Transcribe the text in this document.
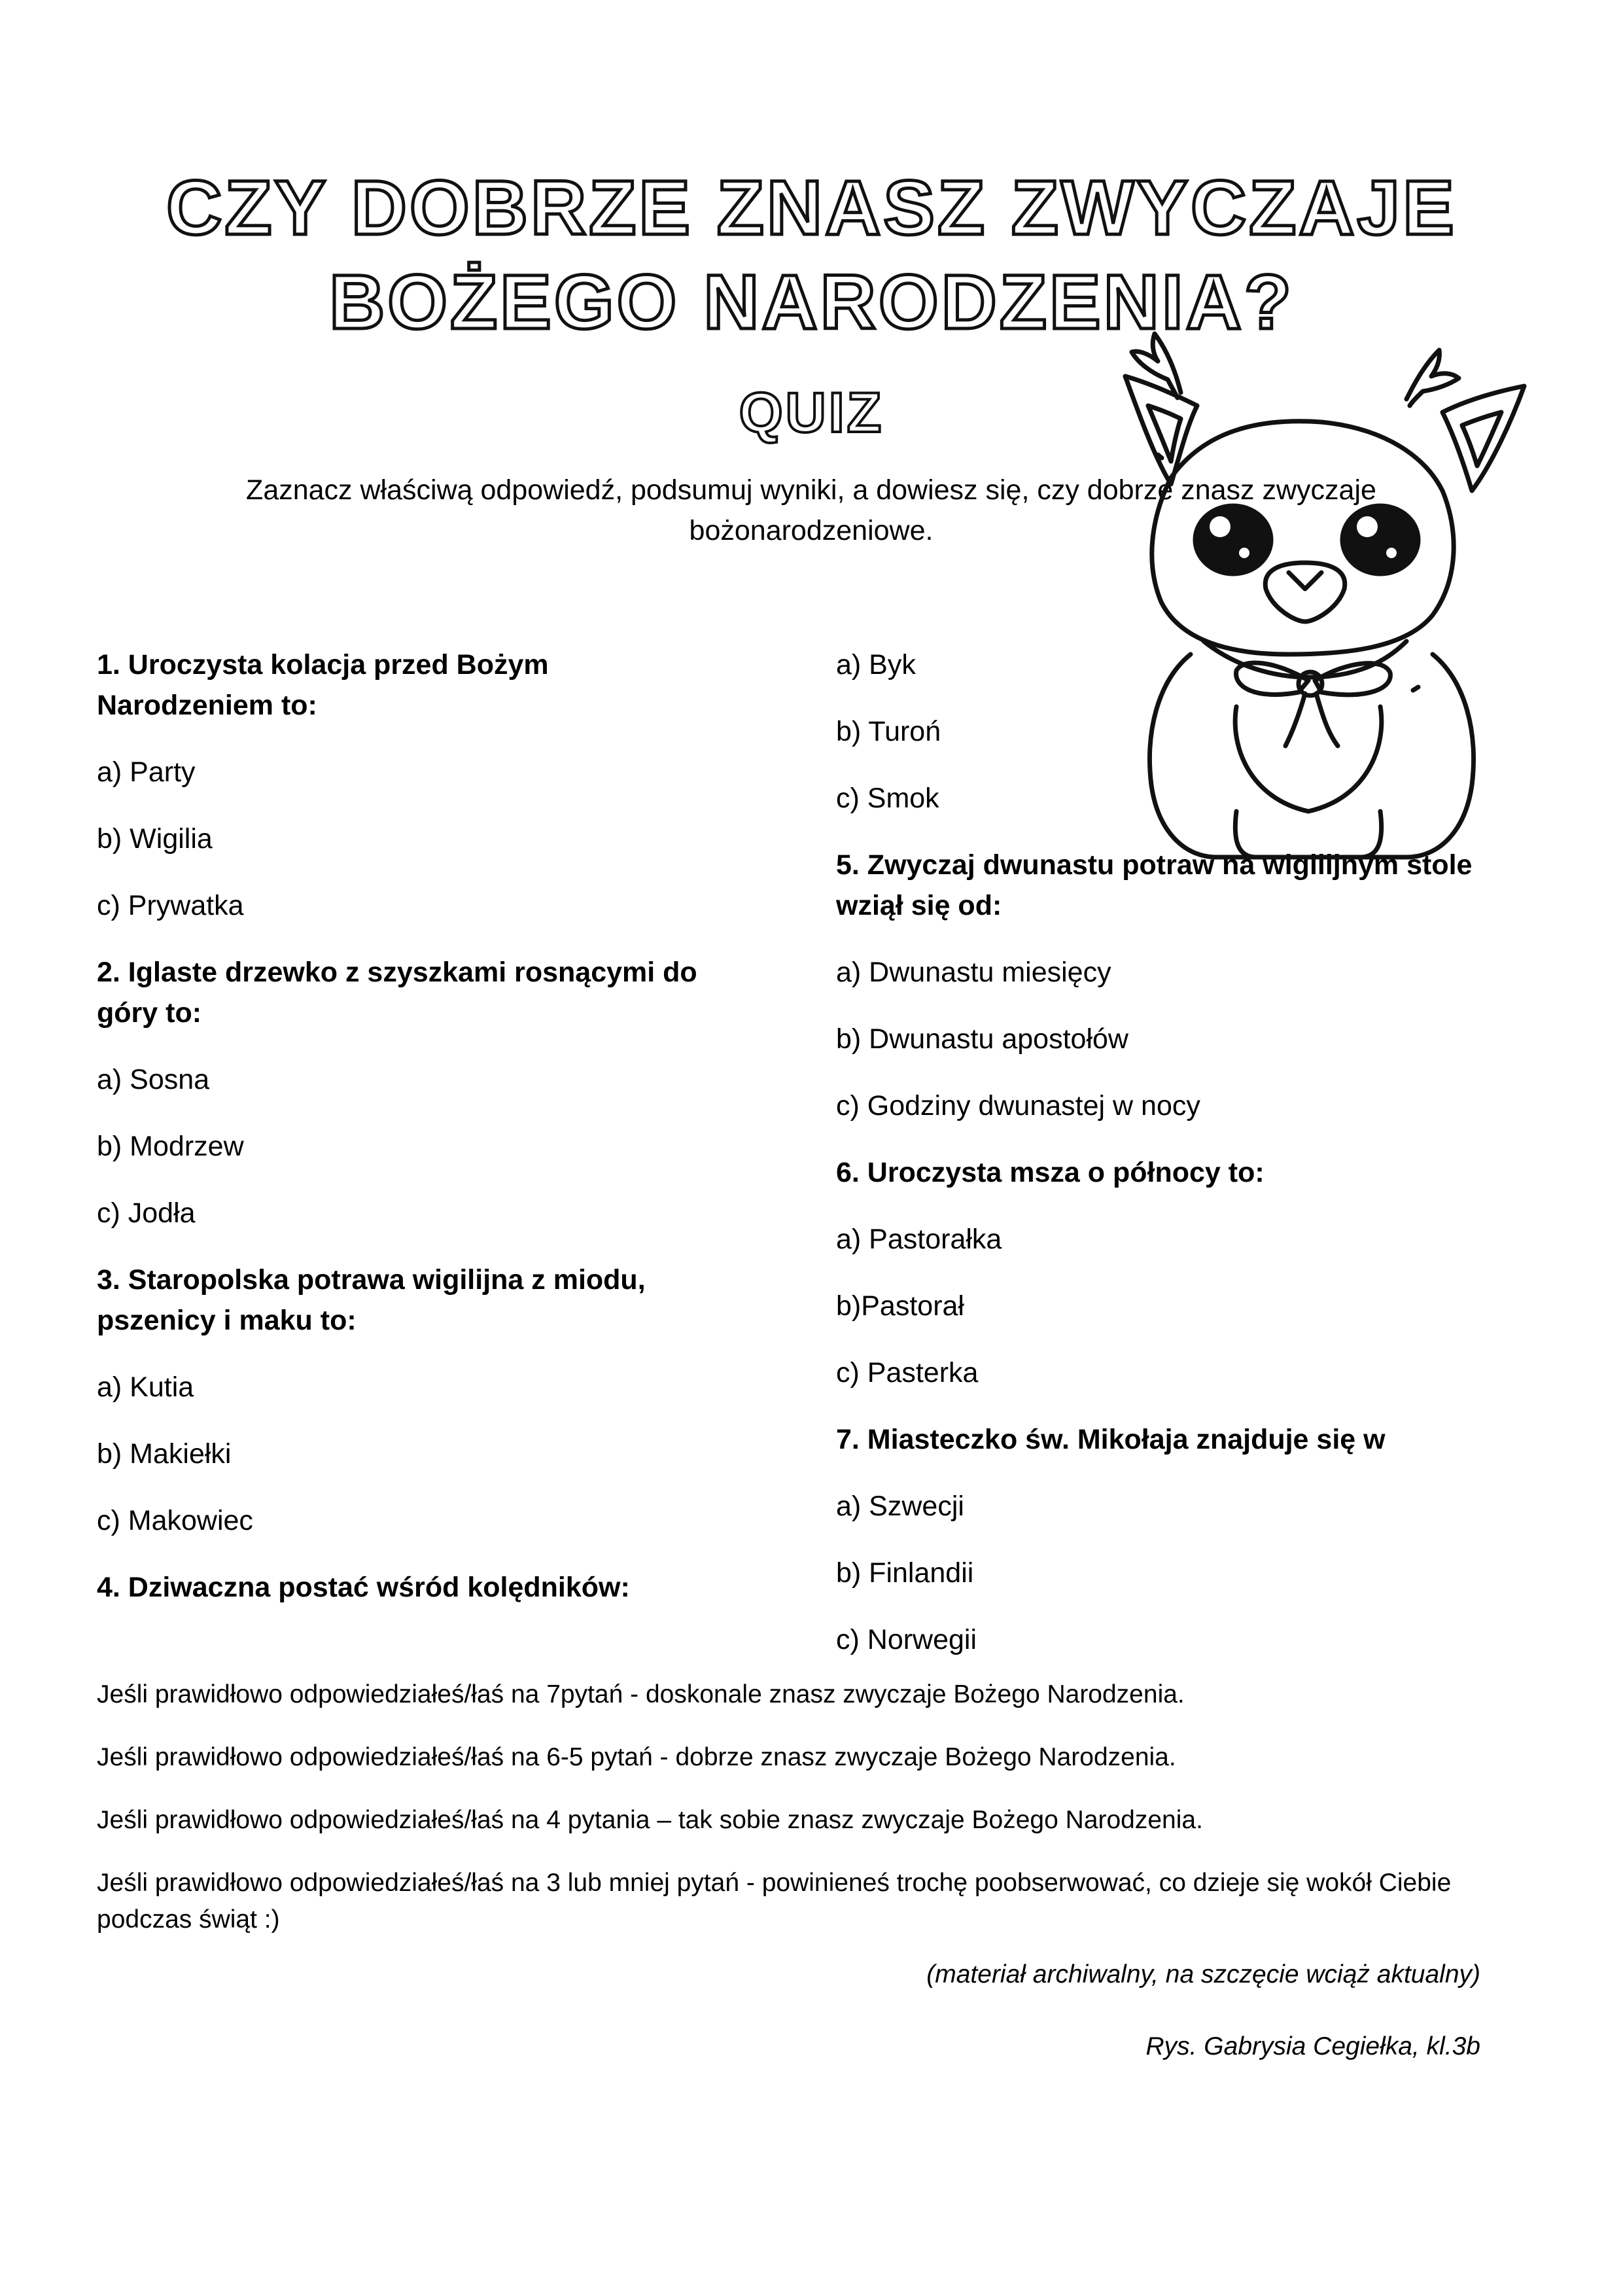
CZY DOBRZE ZNASZ ZWYCZAJE
BOŻEGO NARODZENIA?
QUIZ

Zaznacz właściwą odpowiedź, podsumuj wyniki, a dowiesz się, czy dobrze znasz zwyczaje bożonarodzeniowe.

1. Uroczysta kolacja przed Bożym Narodzeniem to:

a) Party

b) Wigilia

c) Prywatka

2. Iglaste drzewko z szyszkami rosnącymi do góry to:

a) Sosna

b) Modrzew

c) Jodła

3. Staropolska potrawa wigilijna z miodu, pszenicy i maku to:

a) Kutia

b) Makiełki

c) Makowiec

4. Dziwaczna postać wśród kolędników:

a) Byk

b) Turoń

c) Smok

5. Zwyczaj dwunastu potraw na wigilijnym stole wziął się od:

a) Dwunastu miesięcy

b) Dwunastu apostołów

c) Godziny dwunastej w nocy

6. Uroczysta msza o północy to:

a) Pastorałka

b)Pastorał

c) Pasterka

7. Miasteczko św. Mikołaja znajduje się w

a) Szwecji

b) Finlandii

c) Norwegii

Jeśli prawidłowo odpowiedziałeś/łaś na 7pytań - doskonale znasz zwyczaje Bożego Narodzenia.

Jeśli prawidłowo odpowiedziałeś/łaś na 6-5 pytań - dobrze znasz zwyczaje Bożego Narodzenia.

Jeśli prawidłowo odpowiedziałeś/łaś na 4 pytania – tak sobie znasz zwyczaje Bożego Narodzenia.

Jeśli prawidłowo odpowiedziałeś/łaś na 3 lub mniej pytań - powinieneś trochę poobserwować, co dzieje się wokół Ciebie podczas świąt :)

(materiał archiwalny, na szczęcie wciąż aktualny)

Rys. Gabrysia Cegiełka, kl.3b
